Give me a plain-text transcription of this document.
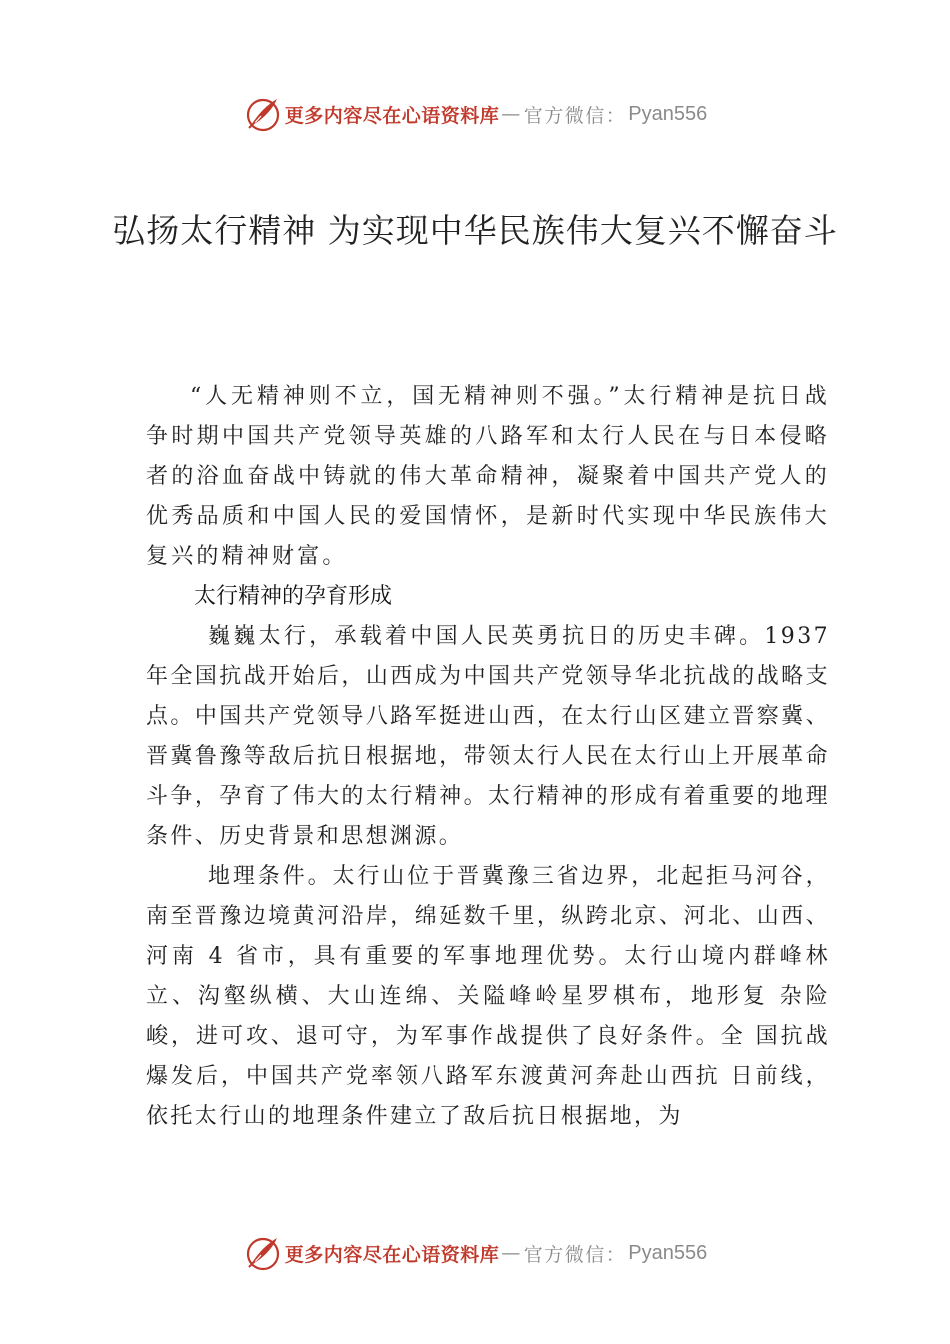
更多内容尽在心语资料库 — 官方微信： Pyan556
弘扬太行精神 为实现中华民族伟大复兴不懈奋斗

“人无精神则不立，国无精神则不强。”太行精神是抗日战争时期中国共产党领导英雄的八路军和太行人民在与日本侵略者的浴血奋战中铸就的伟大革命精神，凝聚着中国共产党人的优秀品质和中国人民的爱国情怀，是新时代实现中华民族伟大复兴的精神财富。

太行精神的孕育形成

巍巍太行，承载着中国人民英勇抗日的历史丰碑。1937年全国抗战开始后，山西成为中国共产党领导华北抗战的战略支点。中国共产党领导八路军挺进山西，在太行山区建立晋察冀、晋冀鲁豫等敌后抗日根据地，带领太行人民在太行山上开展革命斗争，孕育了伟大的太行精神。太行精神的形成有着重要的地理条件、历史背景和思想渊源。

地理条件。太行山位于晋冀豫三省边界，北起拒马河谷，南至晋豫边境黄河沿岸，绵延数千里，纵跨北京、河北、山西、河南 4 省市，具有重要的军事地理优势。太行山境内群峰林立、沟壑纵横、大山连绵、关隘峰岭星罗棋布，地形复 杂险峻，进可攻、退可守，为军事作战提供了良好条件。全 国抗战爆发后，中国共产党率领八路军东渡黄河奔赴山西抗 日前线，依托太行山的地理条件建立了敌后抗日根据地，为

更多内容尽在心语资料库 — 官方微信： Pyan556
